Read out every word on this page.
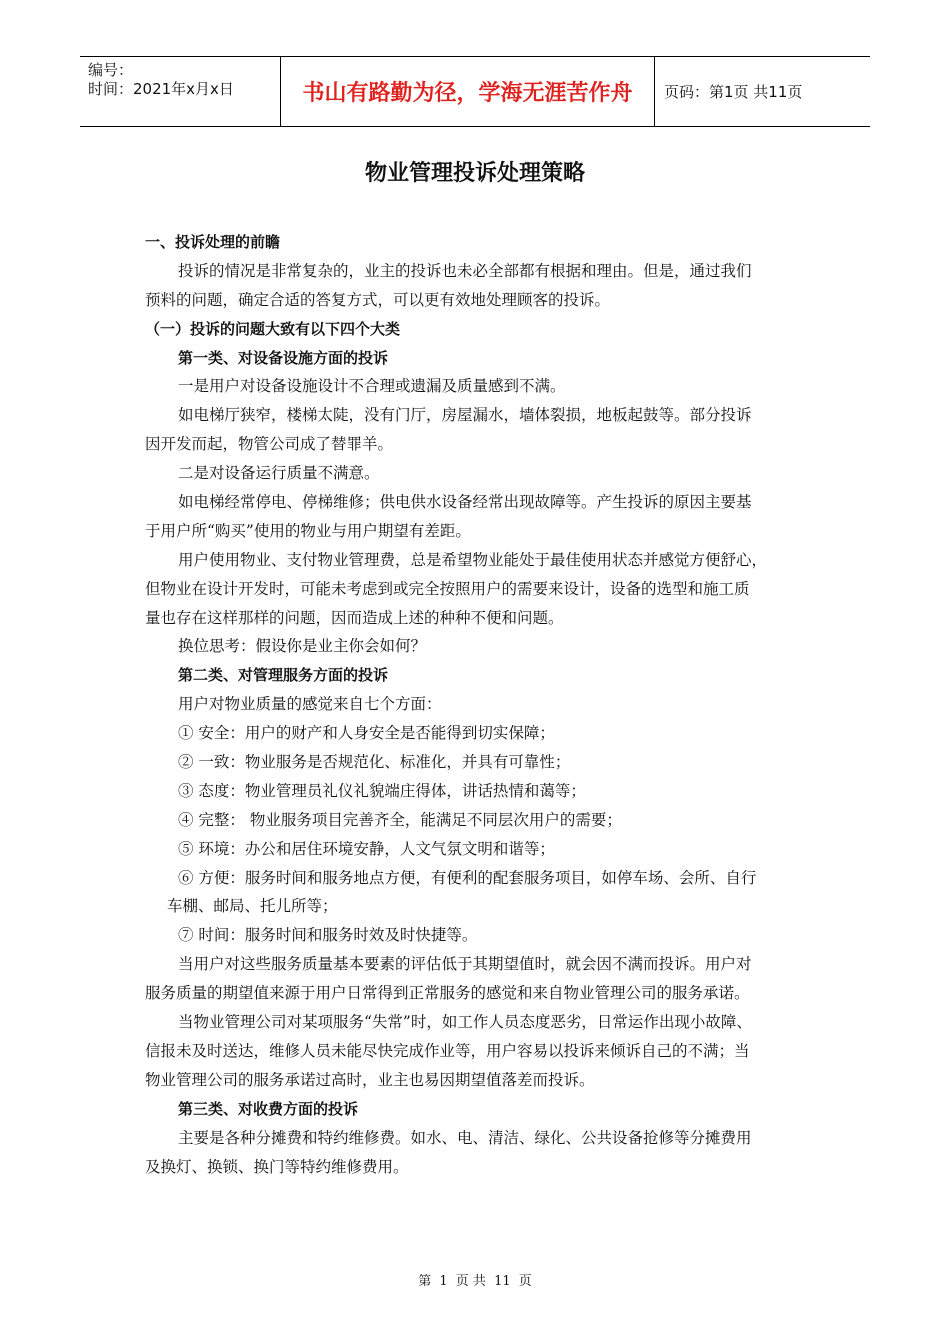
编号：
时间：2021年x月x日	书山有路勤为径，学海无涯苦作舟	页码：第1页 共11页
物业管理投诉处理策略
一、投诉处理的前瞻
投诉的情况是非常复杂的，业主的投诉也未必全部都有根据和理由。但是，通过我们
预料的问题，确定合适的答复方式，可以更有效地处理顾客的投诉。
（一）投诉的问题大致有以下四个大类
第一类、对设备设施方面的投诉
一是用户对设备设施设计不合理或遗漏及质量感到不满。
如电梯厅狭窄，楼梯太陡，没有门厅，房屋漏水，墙体裂损，地板起鼓等。部分投诉
因开发而起，物管公司成了替罪羊。
二是对设备运行质量不满意。
如电梯经常停电、停梯维修；供电供水设备经常出现故障等。产生投诉的原因主要基
于用户所“购买”使用的物业与用户期望有差距。
用户使用物业、支付物业管理费，总是希望物业能处于最佳使用状态并感觉方便舒心，
但物业在设计开发时，可能未考虑到或完全按照用户的需要来设计，设备的选型和施工质
量也存在这样那样的问题，因而造成上述的种种不便和问题。
换位思考：假设你是业主你会如何？
第二类、对管理服务方面的投诉
用户对物业质量的感觉来自七个方面：
① 安全：用户的财产和人身安全是否能得到切实保障；
② 一致：物业服务是否规范化、标准化，并具有可靠性；
③ 态度：物业管理员礼仪礼貌端庄得体，讲话热情和蔼等；
④ 完整： 物业服务项目完善齐全，能满足不同层次用户的需要；
⑤ 环境：办公和居住环境安静，人文气氛文明和谐等；
⑥ 方便：服务时间和服务地点方便，有便利的配套服务项目，如停车场、会所、自行
车棚、邮局、托儿所等；
⑦ 时间：服务时间和服务时效及时快捷等。
当用户对这些服务质量基本要素的评估低于其期望值时，就会因不满而投诉。用户对
服务质量的期望值来源于用户日常得到正常服务的感觉和来自物业管理公司的服务承诺。
当物业管理公司对某项服务“失常”时，如工作人员态度恶劣，日常运作出现小故障、
信报未及时送达，维修人员未能尽快完成作业等，用户容易以投诉来倾诉自己的不满；当
物业管理公司的服务承诺过高时，业主也易因期望值落差而投诉。
第三类、对收费方面的投诉
主要是各种分摊费和特约维修费。如水、电、清洁、绿化、公共设备抢修等分摊费用
及换灯、换锁、换门等特约维修费用。
第 1 页 共 11 页
